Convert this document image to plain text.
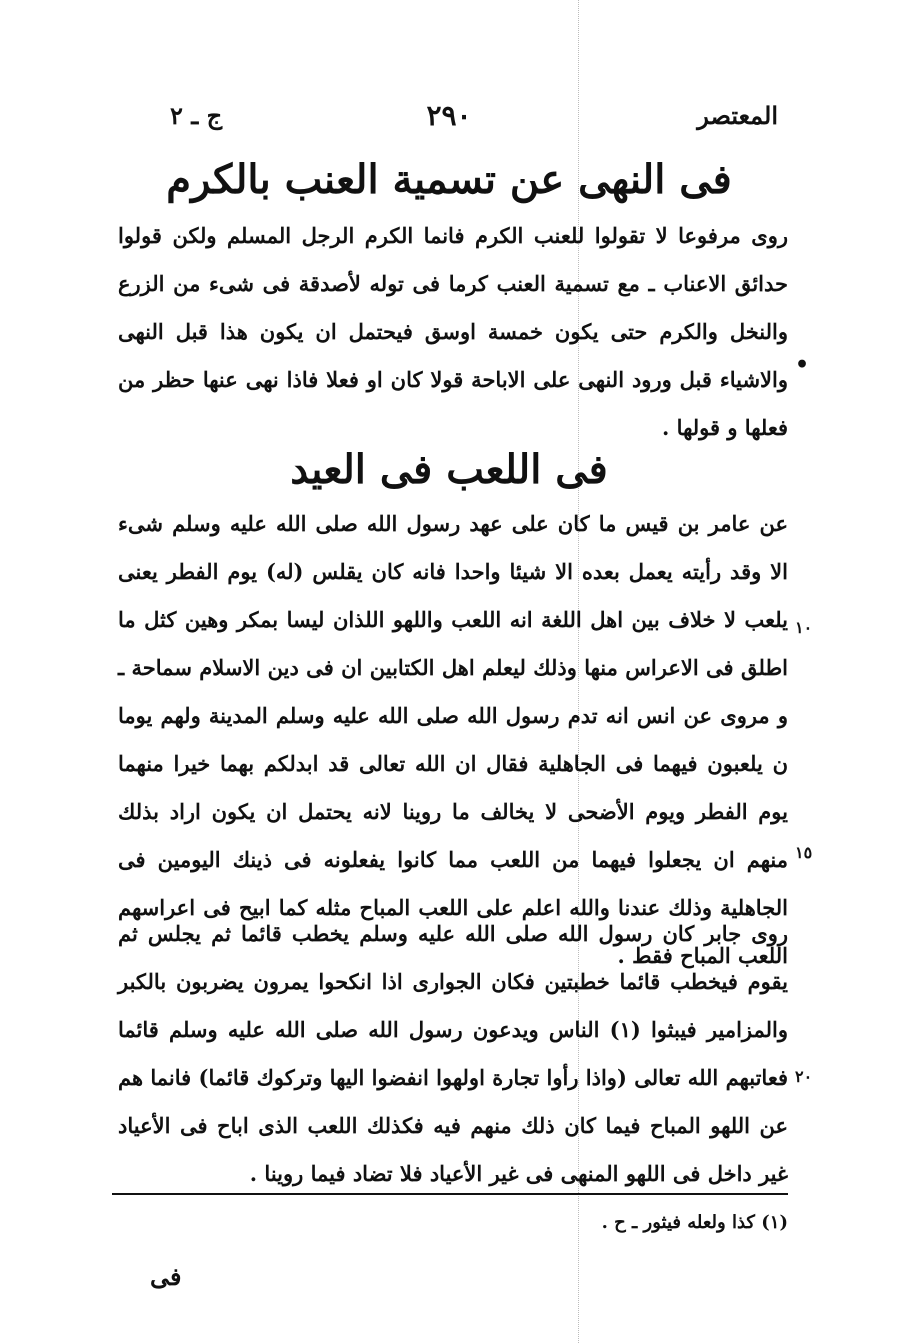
المعتصر
٢٩٠
ج ـ ٢
فى النهى عن تسمية العنب بالكرم

روى مرفوعا لا تقولوا للعنب الكرم فانما الكرم الرجل المسلم ولكن قولوا حدائق الاعناب ـ مع تسمية العنب كرما فى توله لأصدقة فى شىء من الزرع والنخل والكرم حتى يكون خمسة اوسق فيحتمل ان يكون هذا قبل النهى والاشياء قبل ورود النهى على الاباحة قولا كان او فعلا فاذا نهى عنها حظر من فعلها و قولها .

فى اللعب فى العيد

عن عامر بن قيس ما كان على عهد رسول الله صلى الله عليه وسلم شىء الا وقد رأيته يعمل بعده الا شيئا واحدا فانه كان يقلس (له) يوم الفطر يعنى يلعب لا خلاف بين اهل اللغة انه اللعب واللهو اللذان ليسا بمكر وهين كثل ما اطلق فى الاعراس منها وذلك ليعلم اهل الكتابين ان فى دين الاسلام سماحة ـ و مروى عن انس انه تدم رسول الله صلى الله عليه وسلم المدينة ولهم يوما ن يلعبون فيهما فى الجاهلية فقال ان الله تعالى قد ابدلكم بهما خيرا منهما يوم الفطر ويوم الأضحى لا يخالف ما روينا لانه يحتمل ان يكون اراد بذلك منهم ان يجعلوا فيهما من اللعب مما كانوا يفعلونه فى ذينك اليومين فى الجاهلية وذلك عندنا والله اعلم على اللعب المباح مثله كما ابيح فى اعراسهم اللعب المباح فقط .

روى جابر كان رسول الله صلى الله عليه وسلم يخطب قائما ثم يجلس ثم يقوم فيخطب قائما خطبتين فكان الجوارى اذا انكحوا يمرون يضربون بالكبر والمزامير فيبثوا (١) الناس ويدعون رسول الله صلى الله عليه وسلم قائما فعاتبهم الله تعالى (واذا رأوا تجارة اولهوا انفضوا اليها وتركوك قائما) فانما هم عن اللهو المباح فيما كان ذلك منهم فيه فكذلك اللعب الذى اباح فى الأعياد غير داخل فى اللهو المنهى فى غير الأعياد فلا تضاد فيما روينا .

•
١٠
١٥
٢٠
(١) كذا ولعله فيثور ـ ح .
فى
